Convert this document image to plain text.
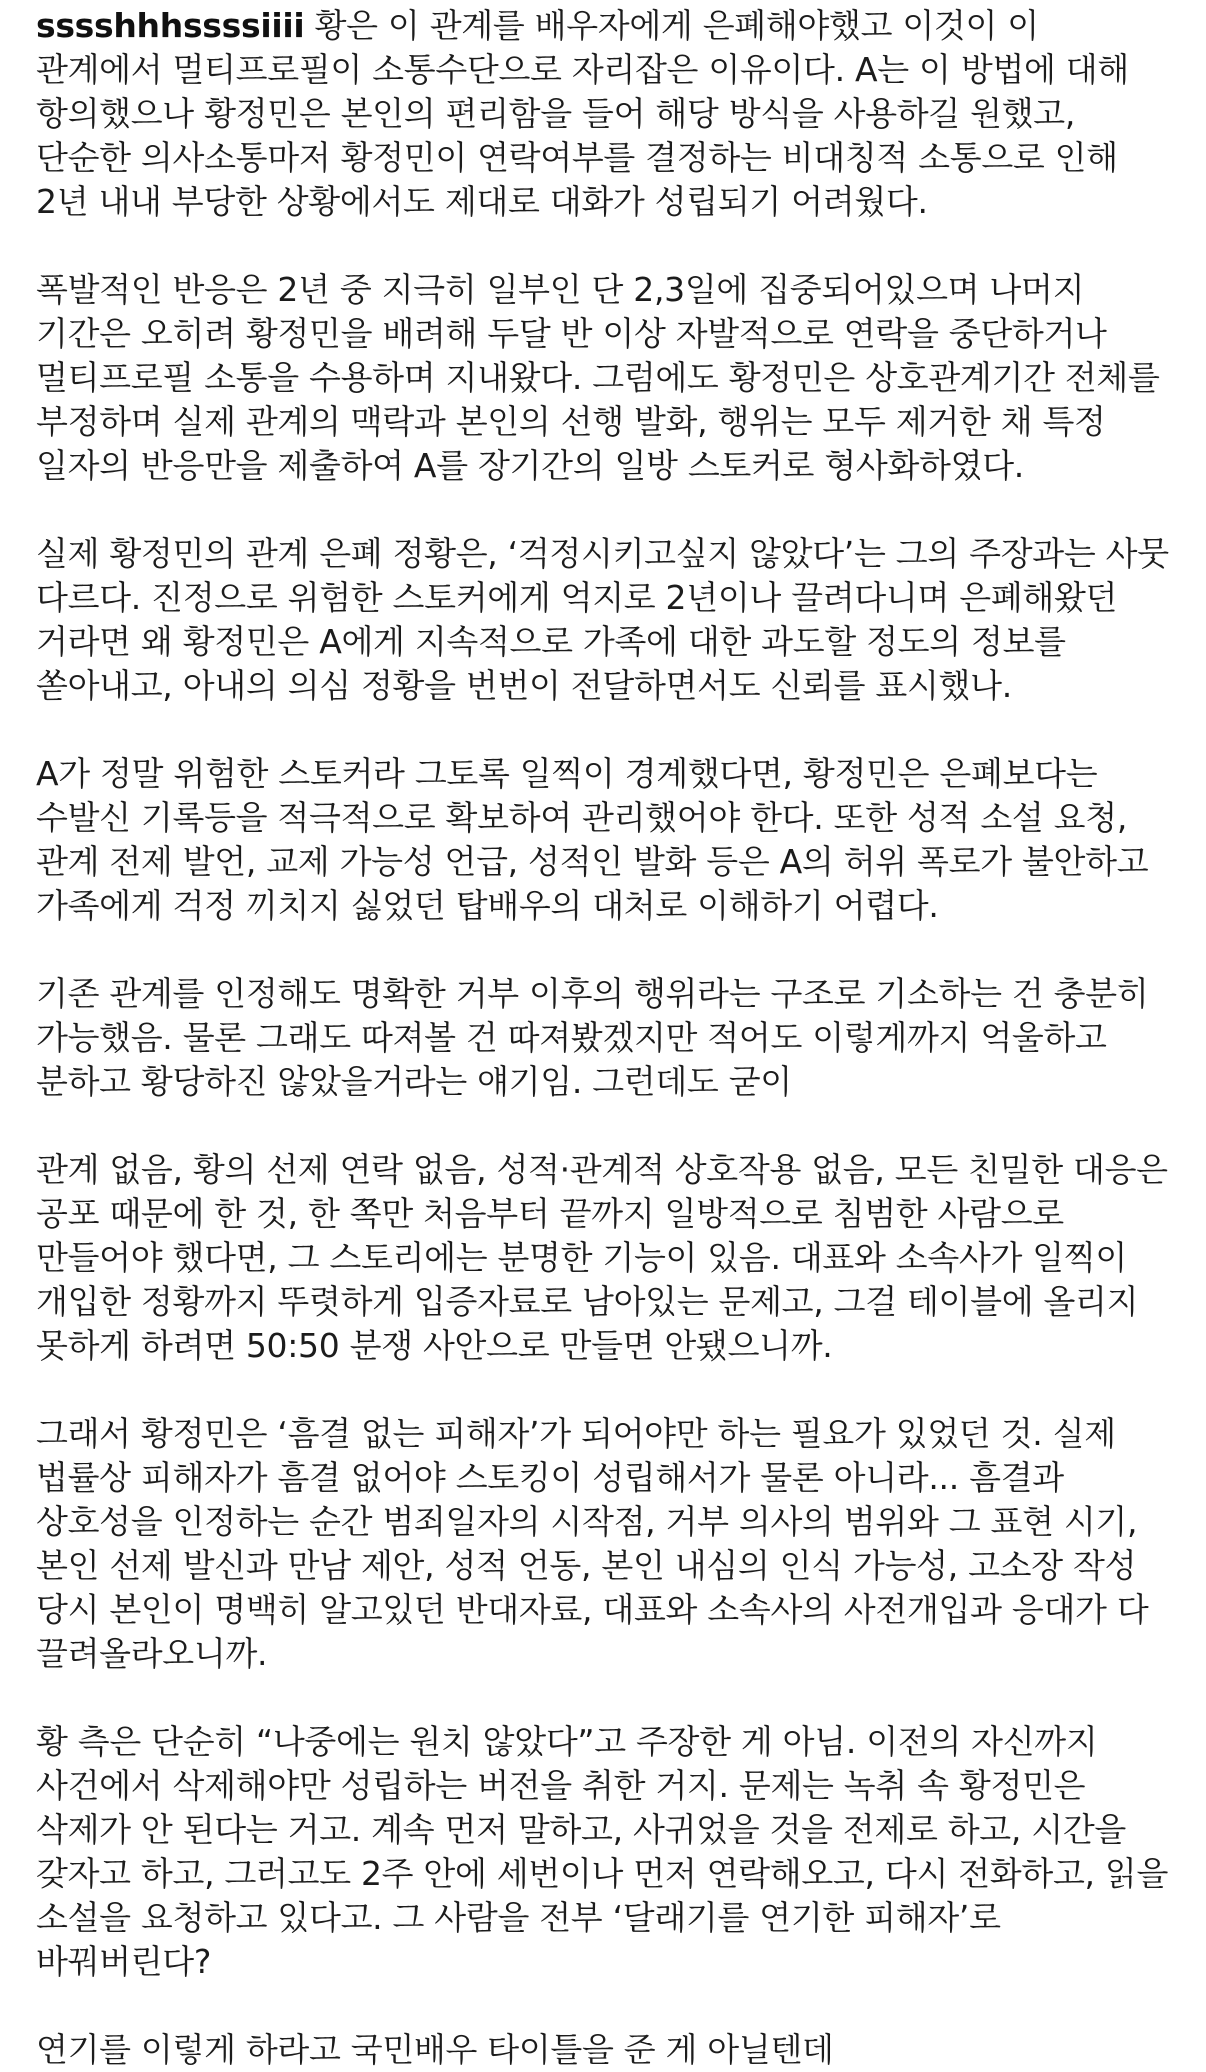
sssshhhssssiiii 황은 이 관계를 배우자에게 은폐해야했고 이것이 이 관계에서 멀티프로필이 소통수단으로 자리잡은 이유이다. A는 이 방법에 대해 항의했으나 황정민은 본인의 편리함을 들어 해당 방식을 사용하길 원했고, 단순한 의사소통마저 황정민이 연락여부를 결정하는 비대칭적 소통으로 인해 2년 내내 부당한 상황에서도 제대로 대화가 성립되기 어려웠다.

폭발적인 반응은 2년 중 지극히 일부인 단 2,3일에 집중되어있으며 나머지 기간은 오히려 황정민을 배려해 두달 반 이상 자발적으로 연락을 중단하거나 멀티프로필 소통을 수용하며 지내왔다. 그럼에도 황정민은 상호관계기간 전체를 부정하며 실제 관계의 맥락과 본인의 선행 발화, 행위는 모두 제거한 채 특정 일자의 반응만을 제출하여 A를 장기간의 일방 스토커로 형사화하였다.

실제 황정민의 관계 은폐 정황은, ‘걱정시키고싶지 않았다’는 그의 주장과는 사뭇 다르다. 진정으로 위험한 스토커에게 억지로 2년이나 끌려다니며 은폐해왔던 거라면 왜 황정민은 A에게 지속적으로 가족에 대한 과도할 정도의 정보를 쏟아내고, 아내의 의심 정황을 번번이 전달하면서도 신뢰를 표시했나.

A가 정말 위험한 스토커라 그토록 일찍이 경계했다면, 황정민은 은폐보다는 수발신 기록등을 적극적으로 확보하여 관리했어야 한다. 또한 성적 소설 요청, 관계 전제 발언, 교제 가능성 언급, 성적인 발화 등은 A의 허위 폭로가 불안하고 가족에게 걱정 끼치지 싫었던 탑배우의 대처로 이해하기 어렵다.

기존 관계를 인정해도 명확한 거부 이후의 행위라는 구조로 기소하는 건 충분히 가능했음. 물론 그래도 따져볼 건 따져봤겠지만 적어도 이렇게까지 억울하고 분하고 황당하진 않았을거라는 얘기임. 그런데도 굳이

관계 없음, 황의 선제 연락 없음, 성적·관계적 상호작용 없음, 모든 친밀한 대응은 공포 때문에 한 것, 한 쪽만 처음부터 끝까지 일방적으로 침범한 사람으로 만들어야 했다면, 그 스토리에는 분명한 기능이 있음. 대표와 소속사가 일찍이 개입한 정황까지 뚜렷하게 입증자료로 남아있는 문제고, 그걸 테이블에 올리지 못하게 하려면 50:50 분쟁 사안으로 만들면 안됐으니까.

그래서 황정민은 ‘흠결 없는 피해자’가 되어야만 하는 필요가 있었던 것. 실제 법률상 피해자가 흠결 없어야 스토킹이 성립해서가 물론 아니라... 흠결과 상호성을 인정하는 순간 범죄일자의 시작점, 거부 의사의 범위와 그 표현 시기, 본인 선제 발신과 만남 제안, 성적 언동, 본인 내심의 인식 가능성, 고소장 작성 당시 본인이 명백히 알고있던 반대자료, 대표와 소속사의 사전개입과 응대가 다 끌려올라오니까.

황 측은 단순히 “나중에는 원치 않았다”고 주장한 게 아님. 이전의 자신까지 사건에서 삭제해야만 성립하는 버전을 취한 거지. 문제는 녹취 속 황정민은 삭제가 안 된다는 거고. 계속 먼저 말하고, 사귀었을 것을 전제로 하고, 시간을 갖자고 하고, 그러고도 2주 안에 세번이나 먼저 연락해오고, 다시 전화하고, 읽을 소설을 요청하고 있다고. 그 사람을 전부 ‘달래기를 연기한 피해자’로 바꿔버린다?

연기를 이렇게 하라고 국민배우 타이틀을 준 게 아닐텐데
